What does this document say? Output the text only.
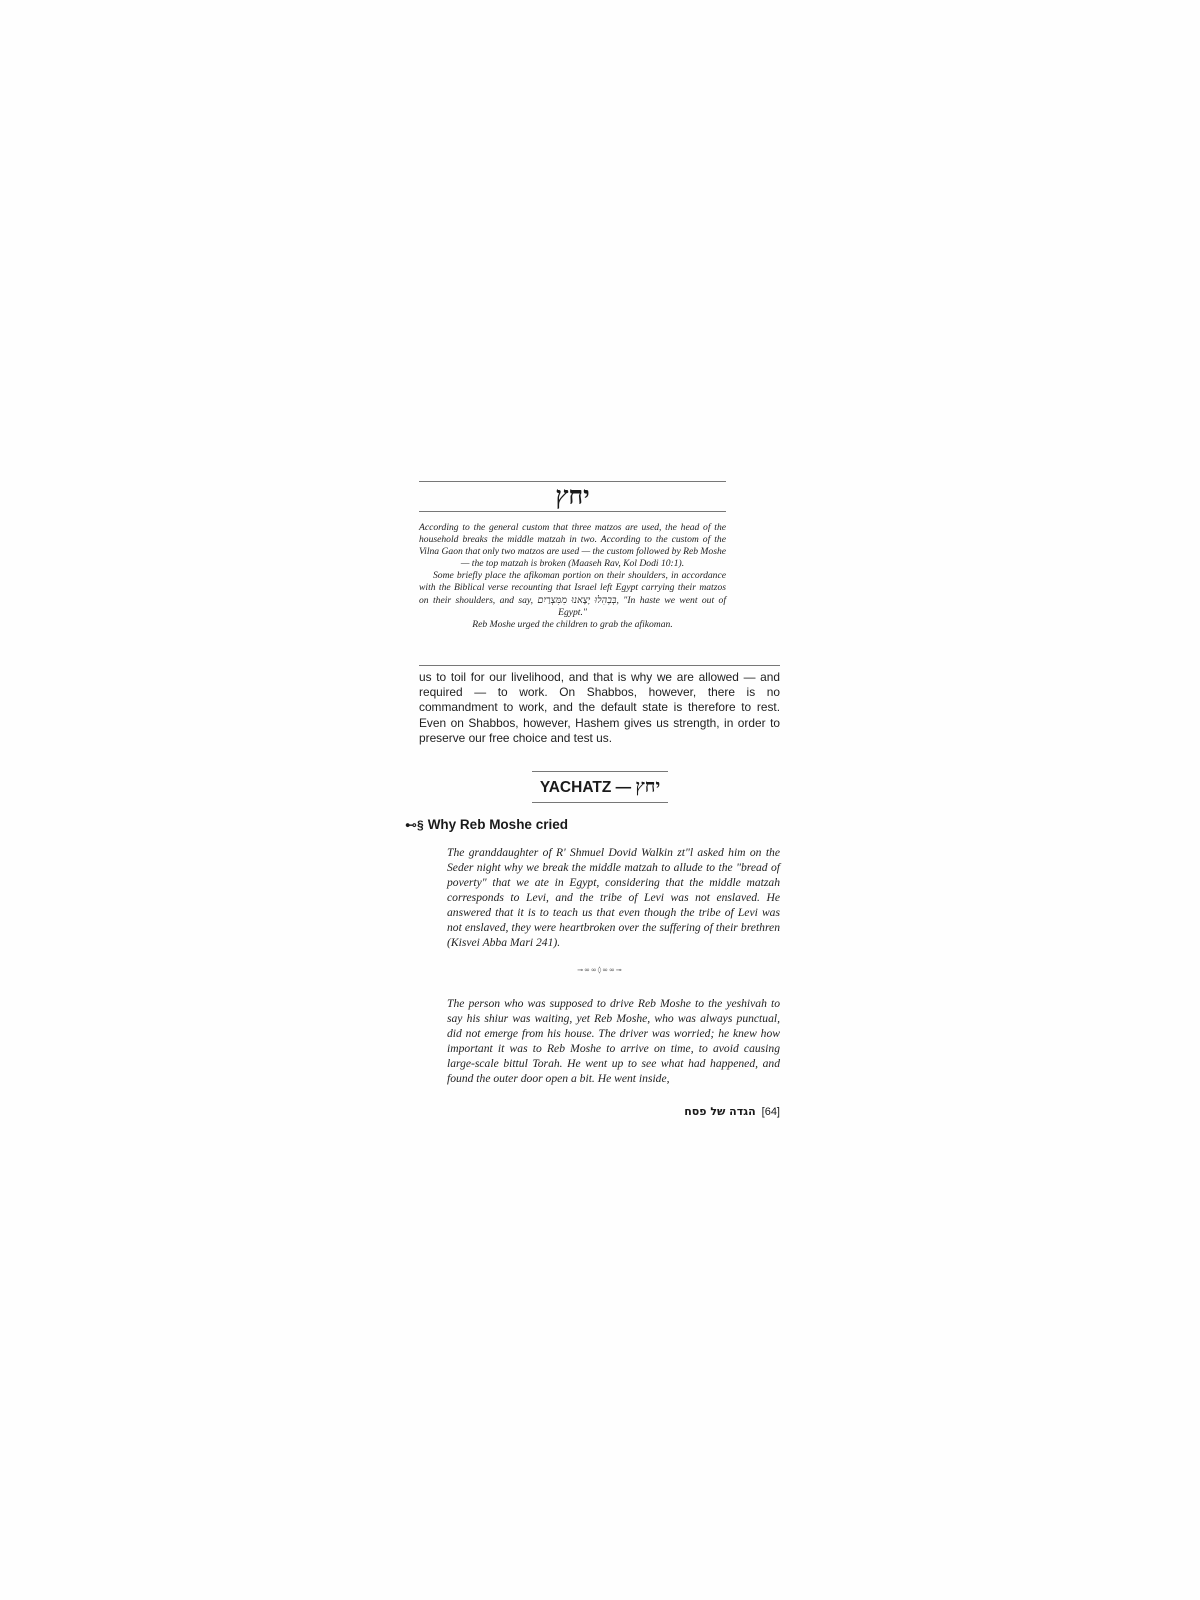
יחץ

According to the general custom that three matzos are used, the head of the household breaks the middle matzah in two. According to the custom of the Vilna Gaon that only two matzos are used — the custom followed by Reb Moshe — the top matzah is broken (Maaseh Rav, Kol Dodi 10:1).

Some briefly place the afikoman portion on their shoulders, in accordance with the Biblical verse recounting that Israel left Egypt carrying their matzos on their shoulders, and say, בְּבְהִלוּ יָצָאנוּ מִמִּצְרַיִם, "In haste we went out of Egypt."

Reb Moshe urged the children to grab the afikoman.

us to toil for our livelihood, and that is why we are allowed — and required — to work. On Shabbos, however, there is no commandment to work, and the default state is therefore to rest. Even on Shabbos, however, Hashem gives us strength, in order to preserve our free choice and test us.

YACHATZ — יחץ
⊷§ Why Reb Moshe cried

The granddaughter of R' Shmuel Dovid Walkin zt"l asked him on the Seder night why we break the middle matzah to allude to the "bread of poverty" that we ate in Egypt, considering that the middle matzah corresponds to Levi, and the tribe of Levi was not enslaved. He answered that it is to teach us that even though the tribe of Levi was not enslaved, they were heartbroken over the suffering of their brethren (Kisvei Abba Mari 241).

⊸∞∞◊∞∞⊸

The person who was supposed to drive Reb Moshe to the yeshivah to say his shiur was waiting, yet Reb Moshe, who was always punctual, did not emerge from his house. The driver was worried; he knew how important it was to Reb Moshe to arrive on time, to avoid causing large-scale bittul Torah. He went up to see what had happened, and found the outer door open a bit. He went inside,

הגדה של פסח [64]
